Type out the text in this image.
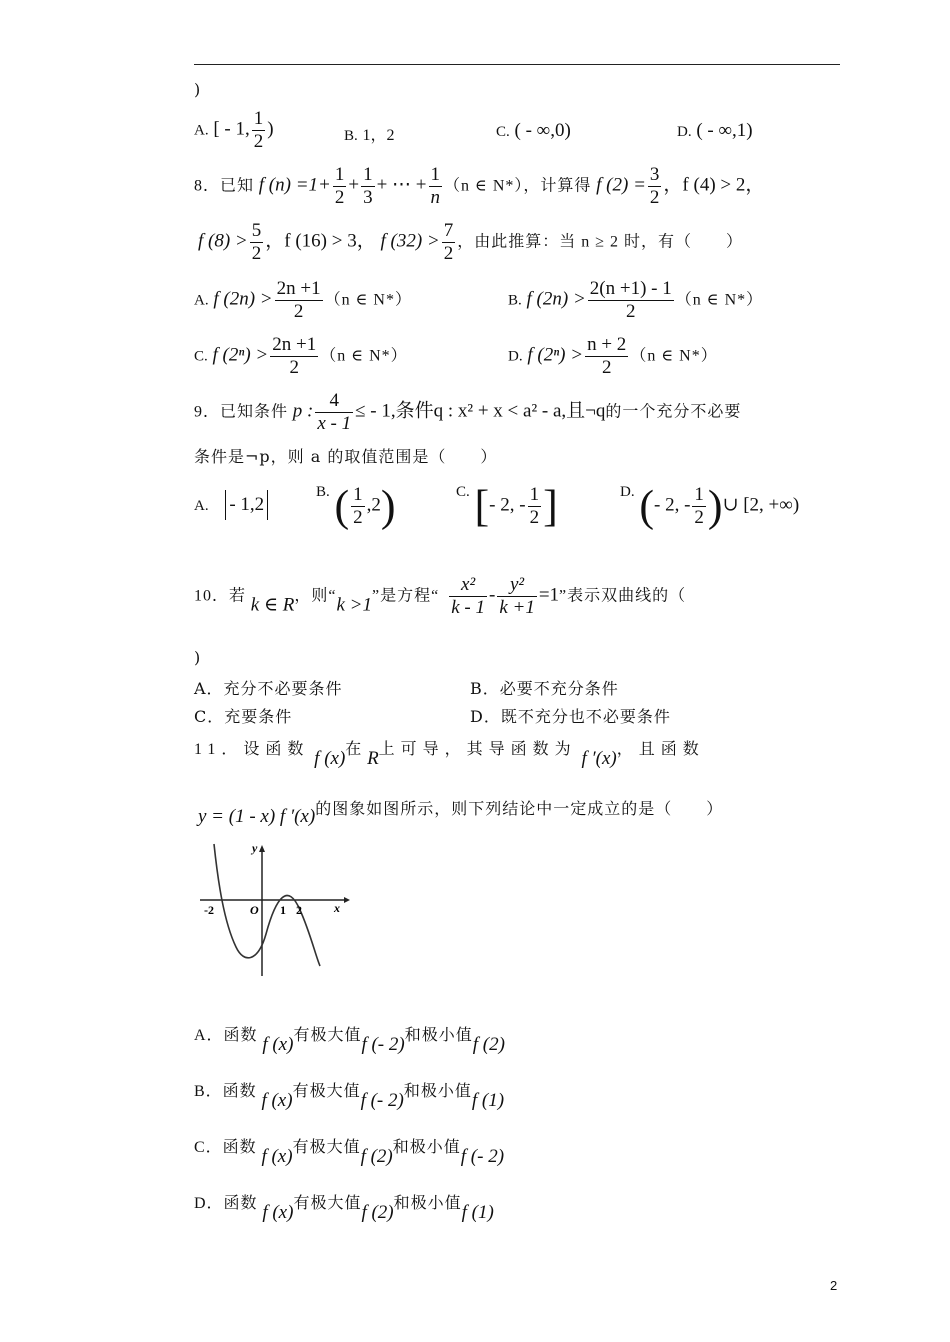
)
A. [ - 1, $\frac{1}{2}$ )	B. 1，2	C. ( - ∞,0)	D. ( - ∞,1)
8．已知 f $(n) =1+ \frac{1}{2} + \frac{1}{3}$ + ⋯ + $\frac{1}{n} (n$ ∈ N*），计算得 f $(2) = \frac{3}{2}$ ，f (4) > 2，
f $(8) > \frac{5}{2}$ ，f (16) > 3， f $(32) > \frac{7}{2}$ ，由此推算：当 n ≥ 2 时，有（　　）
A. f $(2n) > \frac{2n +1}{2} (n$ ∈ N*）	B. f $(2n) > \frac{2(n +1) - 1}{2} (n$ ∈ N*）
C. f $(2^n) > \frac{2n +1}{2} (n$ ∈ N*）	D. f $(2^n) > \frac{n + 2}{2} (n$ ∈ N*）
9．已知条件 p : $\frac{4}{x - 1}$ ≤ - 1,条件q : x² + x < a² - a,且¬q的一个充分不必要
条件是¬p，则 a 的取值范围是（　　）
A. - 1,2
$^{B.}$ ( $\frac{1}{2} ,2$)	$^{C.}$ [- 2, - $\frac{1}{2}$ ]	$^{D.}$ (- 2, - $\frac{1}{2}$ )∪ [2, +∞)
10．若 k ∈ R，则“k >1”是方程“ $\frac{\text{x²}}{k - 1} - \frac{\text{y²}}{k +1} =1$”表示双曲线的（
)
A．充分不必要条件	B．必要不充分条件
C．充要条件	D．既不充分也不必要条件
11．设函数 f (x)在 R上可导，其导函数为 f ′(x)，且函数
y = (1 - x) f ′(x)的图象如图所示，则下列结论中一定成立的是（　　）
y
x
O
-2	1 2
A．函数 f (x)有极大值f (- 2)和极小值f (2)
B．函数 f (x)有极大值f (- 2)和极小值f (1)
C．函数 f (x)有极大值f (2)和极小值f (- 2)
D．函数 f (x)有极大值f (2)和极小值f (1)
2
